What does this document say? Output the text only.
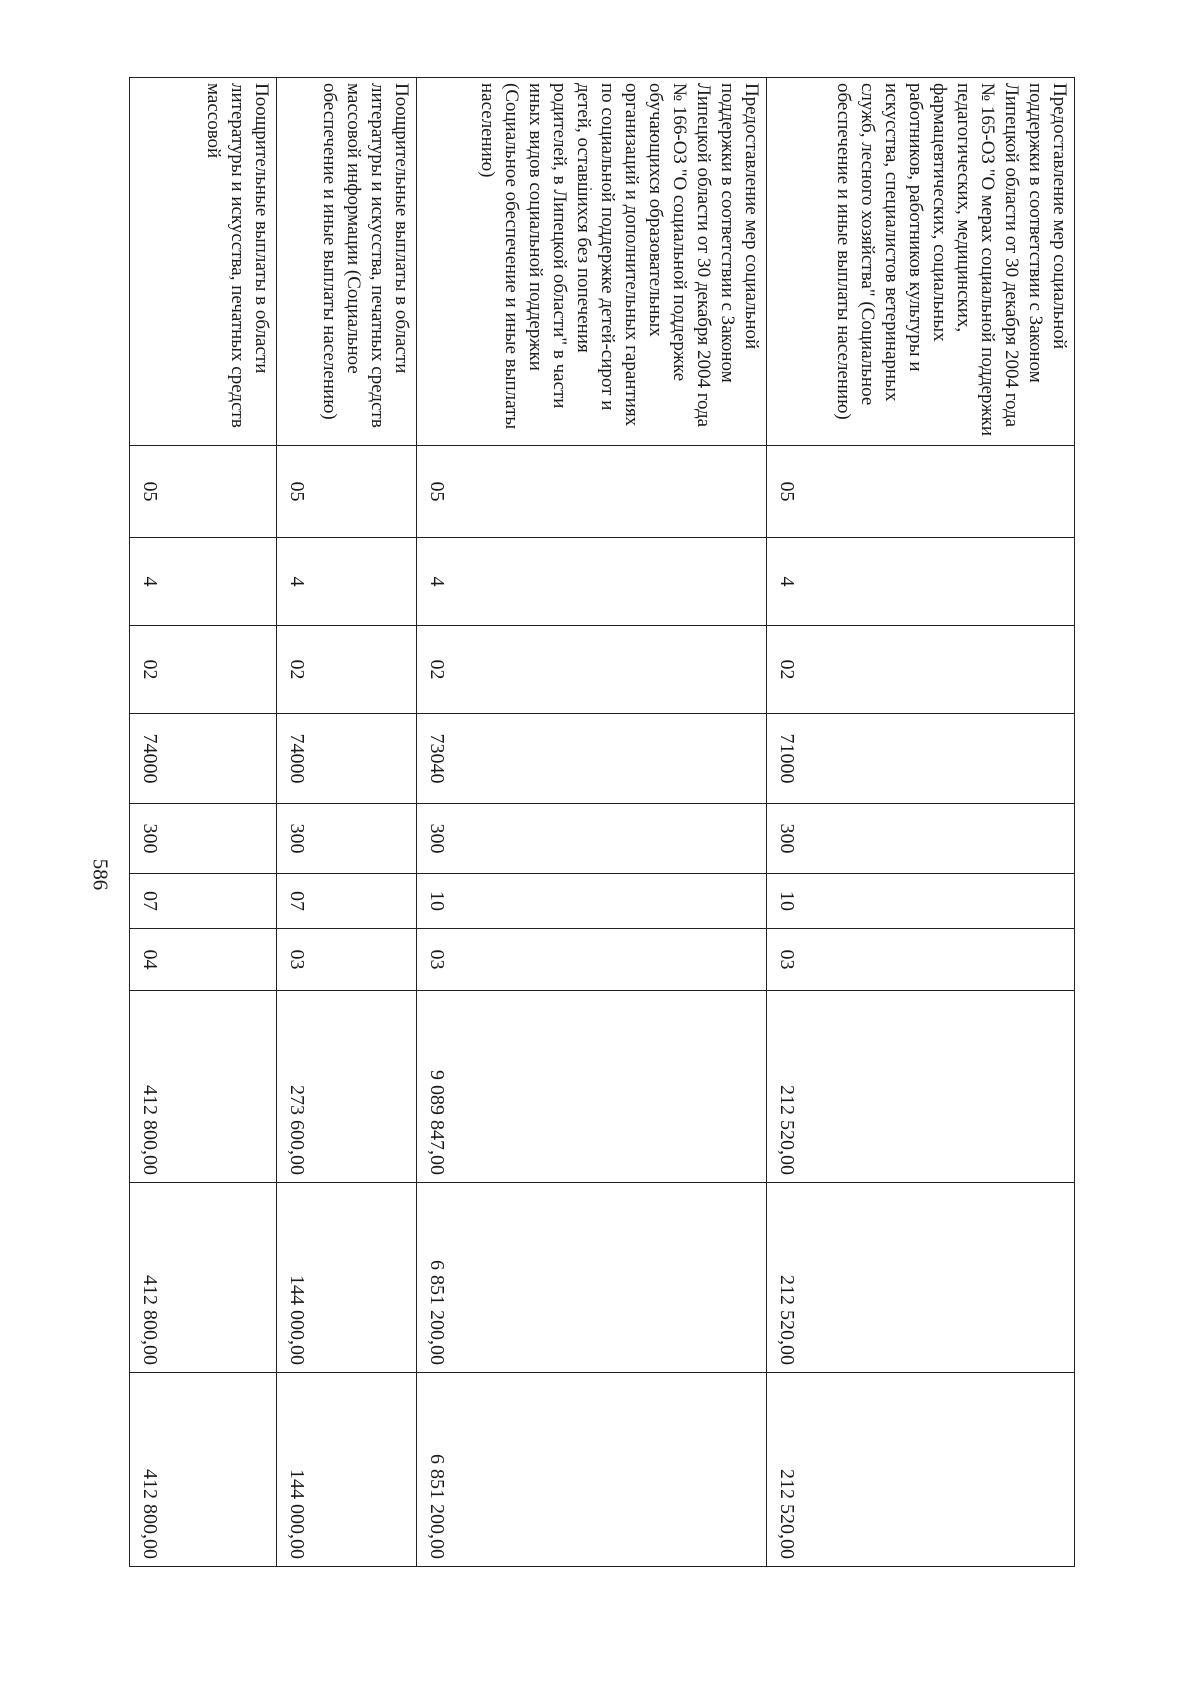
586
Предоставление мер социальной поддержки в соответствии с Законом Липецкой области от 30 декабря 2004 года № 165-ОЗ "О мерах социальной поддержки педагогических, медицинских, фармацевтических, социальных работников, работников культуры и искусства, специалистов ветеринарных служб, лесного хозяйства" (Социальное обеспечение и иные выплаты населению)	05	4	02	71000	300	10	03	212 520,00	212 520,00	212 520,00
Предоставление мер социальной поддержки в соответствии с Законом Липецкой области от 30 декабря 2004 года № 166-ОЗ "О социальной поддержке обучающихся образовательных организаций и дополнительных гарантиях по социальной поддержке детей-сирот и детей, оставшихся без попечения родителей, в Липецкой области" в части иных видов социальной поддержки (Социальное обеспечение и иные выплаты населению)	05	4	02	73040	300	10	03	9 089 847,00	6 851 200,00	6 851 200,00
Поощрительные выплаты в области литературы и искусства, печатных средств массовой информации (Социальное обеспечение и иные выплаты населению)	05	4	02	74000	300	07	03	273 600,00	144 000,00	144 000,00
Поощрительные выплаты в области литературы и искусства, печатных средств массовой	05	4	02	74000	300	07	04	412 800,00	412 800,00	412 800,00
